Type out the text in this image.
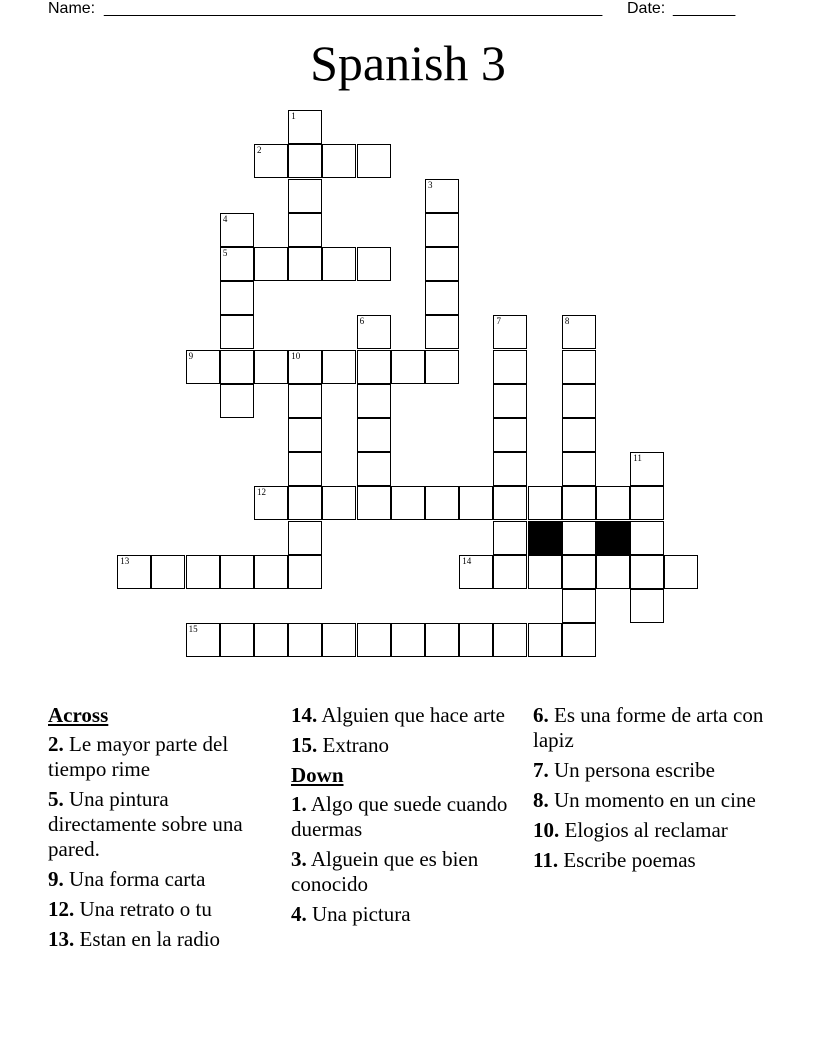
Name: ________________________________________________________ Date: _______
Spanish 3
1
2
3
4
5
6	7	8
9	10
11
12
13	14
15
Across
2. Le mayor parte del tiempo rime
5. Una pintura directamente sobre una pared.
9. Una forma carta
12. Una retrato o tu
13. Estan en la radio
14. Alguien que hace arte
15. Extrano
Down
1. Algo que suede cuando duermas
3. Alguein que es bien conocido
4. Una pictura
6. Es una forme de arta con lapiz
7. Un persona escribe
8. Un momento en un cine
10. Elogios al reclamar
11. Escribe poemas
